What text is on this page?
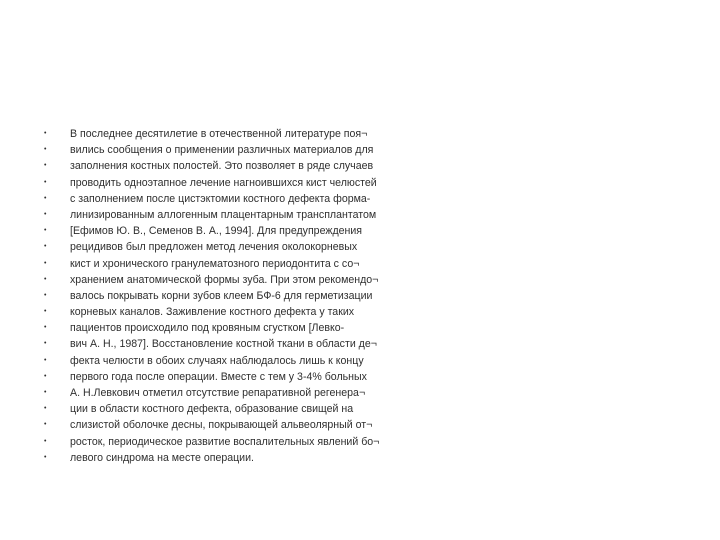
•	В последнее десятилетие в отечественной литературе поя¬
•	вились сообщения о применении различных материалов для
•	заполнения костных полостей. Это позволяет в ряде случаев
•	проводить одноэтапное лечение нагноившихся кист челюстей
•	с заполнением после цистэктомии костного дефекта форма-
•	линизированным аллогенным плацентарным трансплантатом
•	[Ефимов Ю. В., Семенов В. А., 1994]. Для предупреждения
•	рецидивов был предложен метод лечения околокорневых
•	кист и хронического гранулематозного периодонтита с со¬
•	хранением анатомической формы зуба. При этом рекомендо¬
•	валось покрывать корни зубов клеем БФ-6 для герметизации
•	корневых каналов. Заживление костного дефекта у таких
•	пациентов происходило под кровяным сгустком [Левко-
•	вич А. Н., 1987]. Восстановление костной ткани в области де¬
•	фекта челюсти в обоих случаях наблюдалось лишь к концу
•	первого года после операции. Вместе с тем у 3-4% больных
•	А. Н.Левкович отметил отсутствие репаративной регенера¬
•	ции в области костного дефекта, образование свищей на
•	слизистой оболочке десны, покрывающей альвеолярный от¬
•	росток, периодическое развитие воспалительных явлений бо¬
•	левого синдрома на месте операции.
